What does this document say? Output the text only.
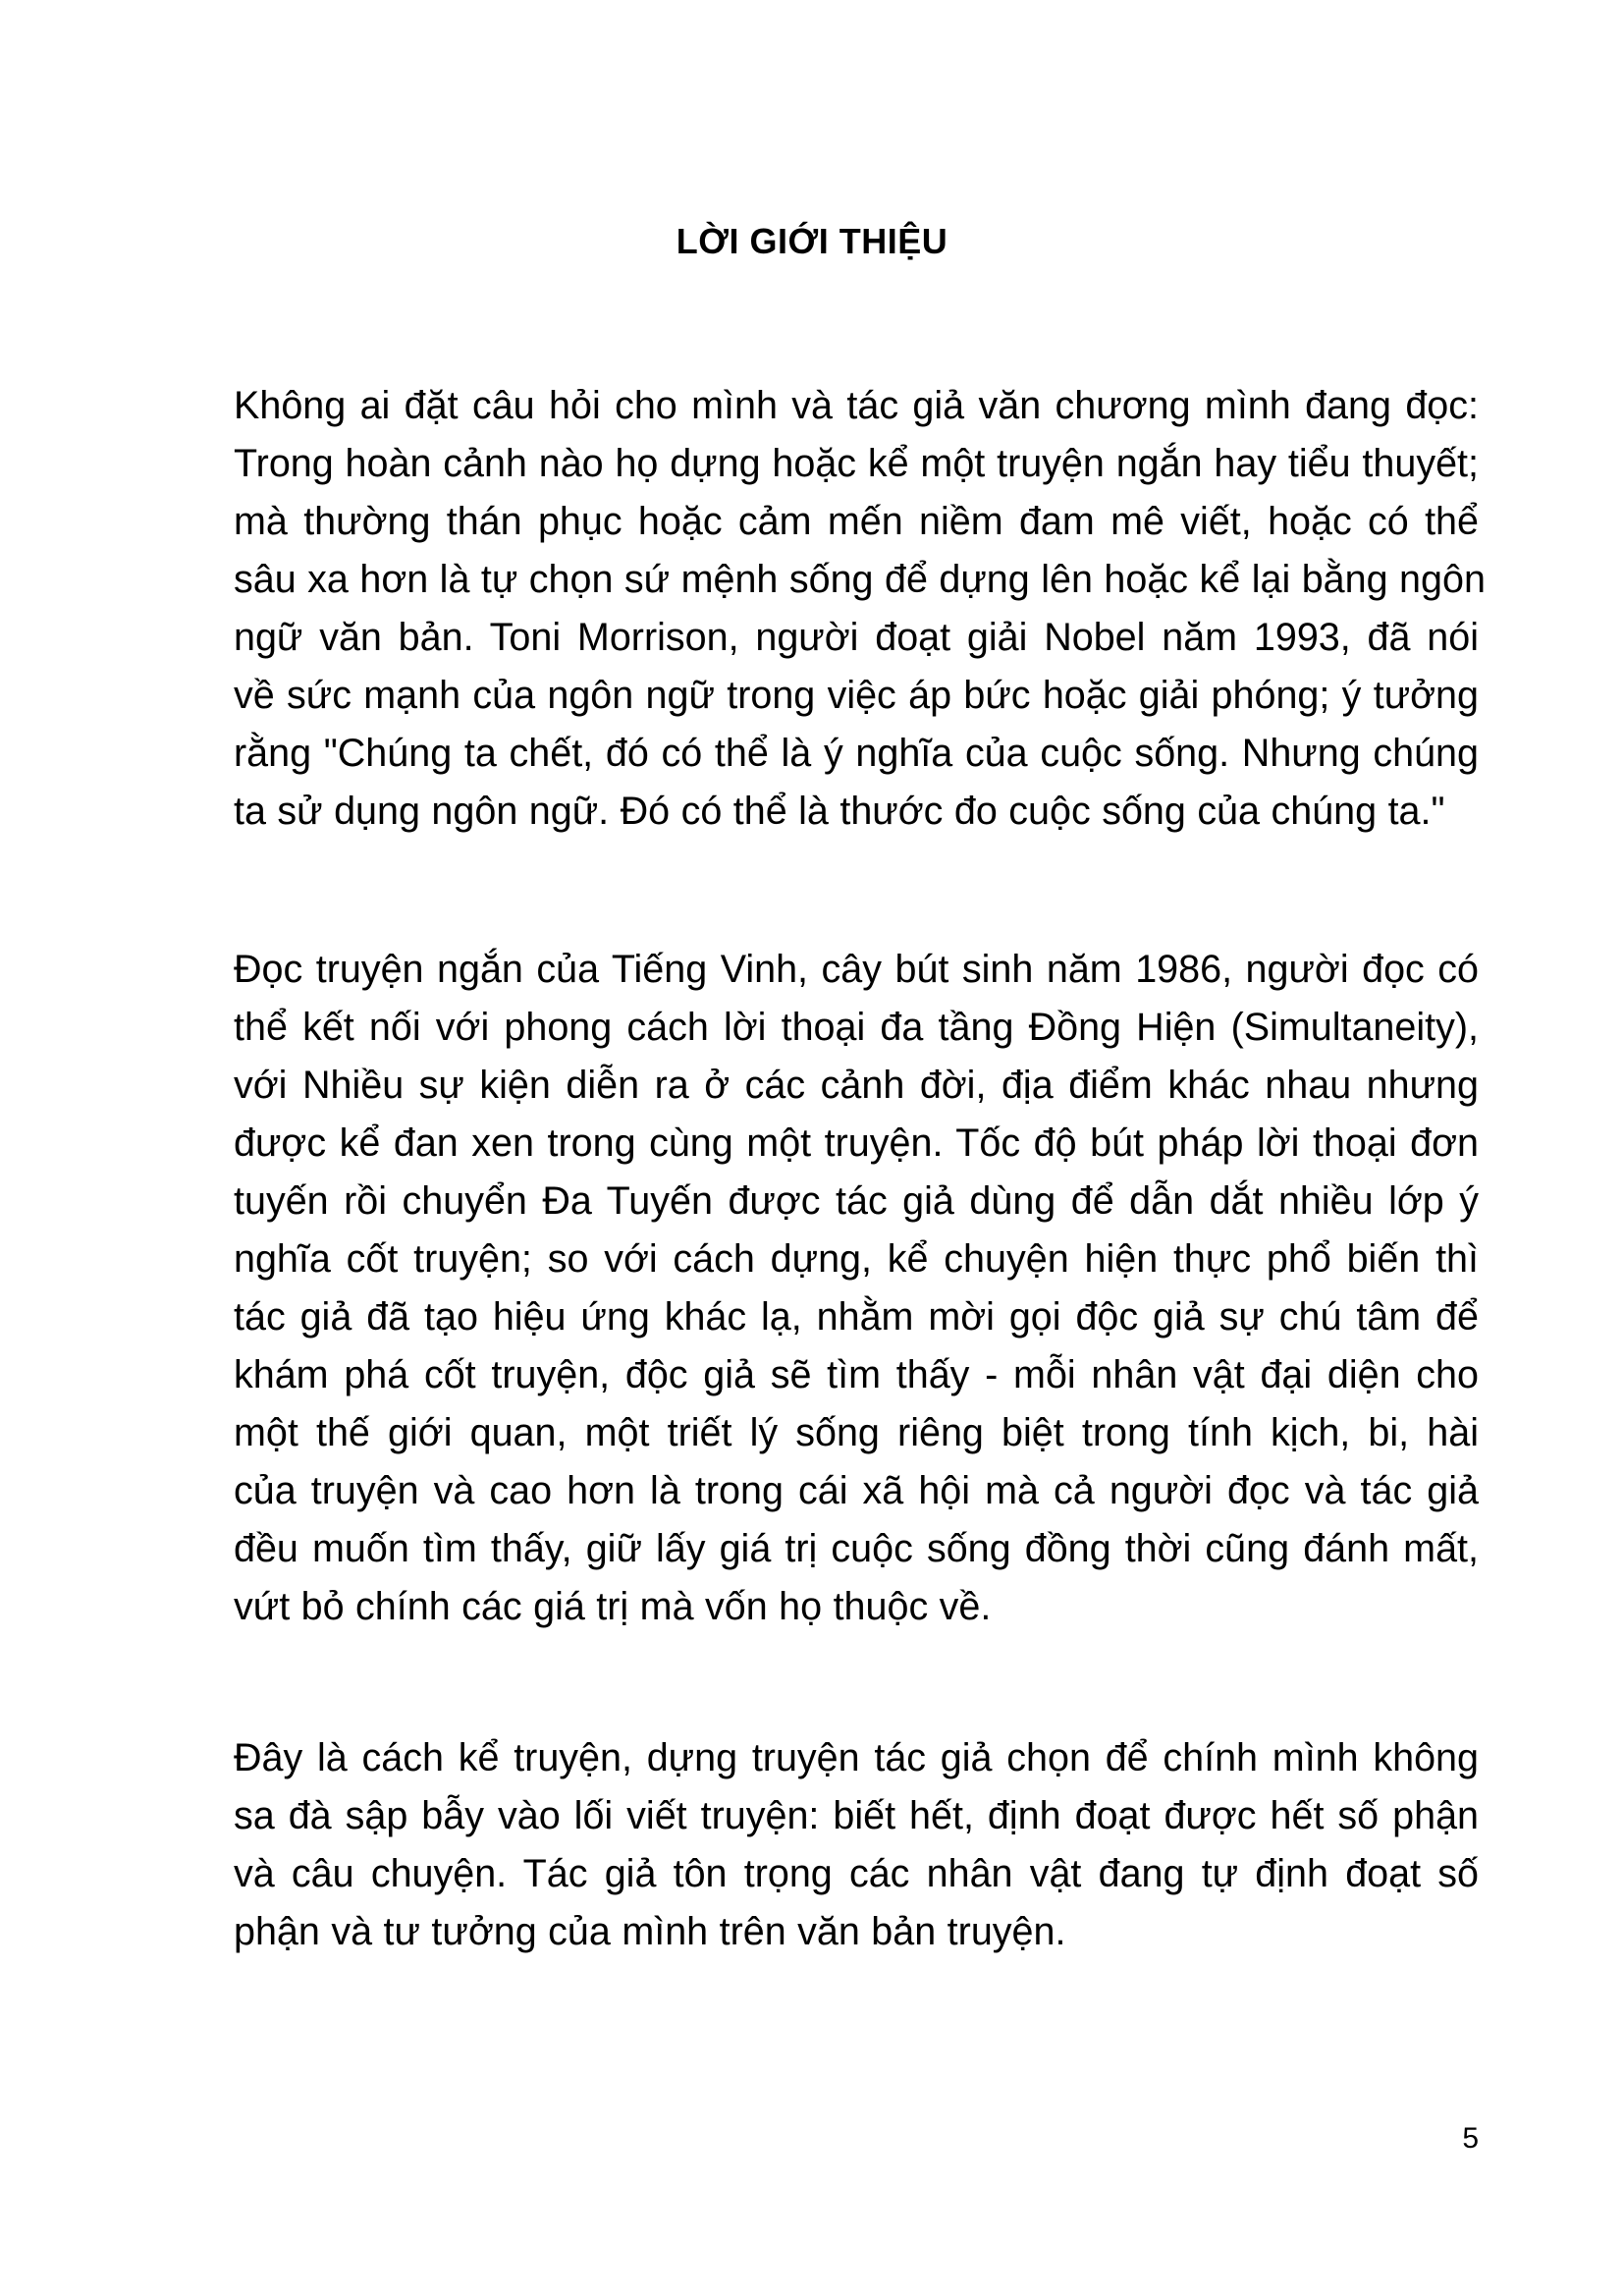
LỜI GIỚI THIỆU

Không ai đặt câu hỏi cho mình và tác giả văn chương mình đang đọc:
Trong hoàn cảnh nào họ dựng hoặc kể một truyện ngắn hay tiểu thuyết;
mà thường thán phục hoặc cảm mến niềm đam mê viết, hoặc có thể
sâu xa hơn là tự chọn sứ mệnh sống để dựng lên hoặc kể lại bằng ngôn
ngữ văn bản. Toni Morrison, người đoạt giải Nobel năm 1993, đã nói
về sức mạnh của ngôn ngữ trong việc áp bức hoặc giải phóng; ý tưởng
rằng "Chúng ta chết, đó có thể là ý nghĩa của cuộc sống. Nhưng chúng
ta sử dụng ngôn ngữ. Đó có thể là thước đo cuộc sống của chúng ta."

Đọc truyện ngắn của Tiếng Vinh, cây bút sinh năm 1986, người đọc có
thể kết nối với phong cách lời thoại đa tầng Đồng Hiện (Simultaneity),
với Nhiều sự kiện diễn ra ở các cảnh đời, địa điểm khác nhau nhưng
được kể đan xen trong cùng một truyện. Tốc độ bút pháp lời thoại đơn
tuyến rồi chuyển Đa Tuyến được tác giả dùng để dẫn dắt nhiều lớp ý
nghĩa cốt truyện; so với cách dựng, kể chuyện hiện thực phổ biến thì
tác giả đã tạo hiệu ứng khác lạ, nhằm mời gọi độc giả sự chú tâm để
khám phá cốt truyện, độc giả sẽ tìm thấy - mỗi nhân vật đại diện cho
một thế giới quan, một triết lý sống riêng biệt trong tính kịch, bi, hài
của truyện và cao hơn là trong cái xã hội mà cả người đọc và tác giả
đều muốn tìm thấy, giữ lấy giá trị cuộc sống đồng thời cũng đánh mất,
vứt bỏ chính các giá trị mà vốn họ thuộc về.

Đây là cách kể truyện, dựng truyện tác giả chọn để chính mình không
sa đà sập bẫy vào lối viết truyện: biết hết, định đoạt được hết số phận
và câu chuyện. Tác giả tôn trọng các nhân vật đang tự định đoạt số
phận và tư tưởng của mình trên văn bản truyện.

5
